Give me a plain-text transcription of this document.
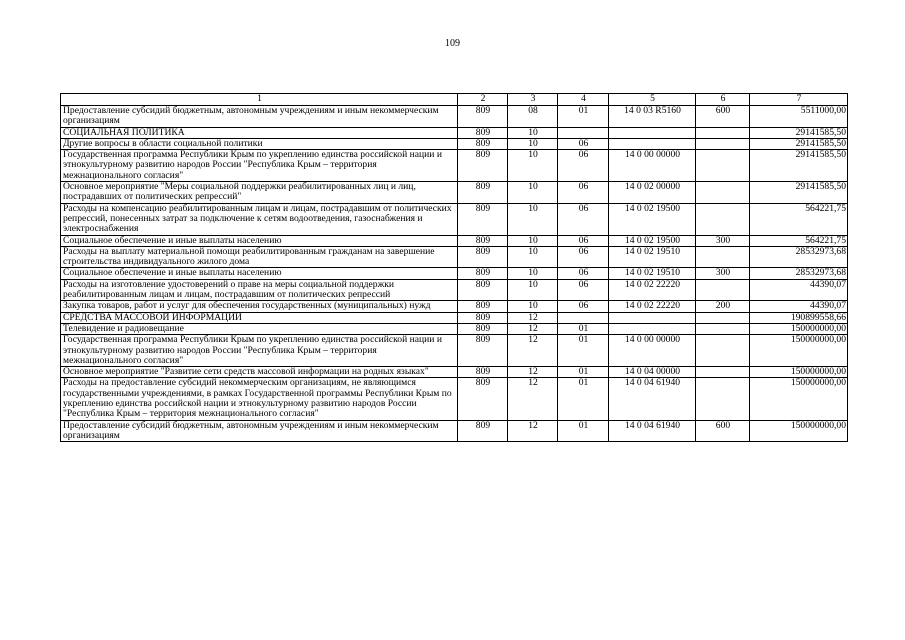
109
1	2	3	4	5	6	7
Предоставление субсидий бюджетным, автономным учреждениям и иным некоммерческим организациям	809	08	01	14 0 03 R5160	600	5511000,00
СОЦИАЛЬНАЯ ПОЛИТИКА	809	10				29141585,50
Другие вопросы в области социальной политики	809	10	06			29141585,50
Государственная программа Республики Крым по укреплению единства российской нации и этнокультурному развитию народов России "Республика Крым – территория межнационального согласия"	809	10	06	14 0 00 00000		29141585,50
Основное мероприятие "Меры социальной поддержки реабилитированных лиц и лиц, пострадавших от политических репрессий"	809	10	06	14 0 02 00000		29141585,50
Расходы на компенсацию реабилитированным лицам и лицам, пострадавшим от политических репрессий, понесенных затрат за подключение к сетям водоотведения, газоснабжения и электроснабжения	809	10	06	14 0 02 19500		564221,75
Социальное обеспечение и иные выплаты населению	809	10	06	14 0 02 19500	300	564221,75
Расходы на выплату материальной помощи реабилитированным гражданам на завершение строительства индивидуального жилого дома	809	10	06	14 0 02 19510		28532973,68
Социальное обеспечение и иные выплаты населению	809	10	06	14 0 02 19510	300	28532973,68
Расходы на изготовление удостоверений о праве на меры социальной поддержки реабилитированным лицам и лицам, пострадавшим от политических репрессий	809	10	06	14 0 02 22220		44390,07
Закупка товаров, работ и услуг для обеспечения государственных (муниципальных) нужд	809	10	06	14 0 02 22220	200	44390,07
СРЕДСТВА МАССОВОЙ ИНФОРМАЦИИ	809	12				190899558,66
Телевидение и радиовещание	809	12	01			150000000,00
Государственная программа Республики Крым по укреплению единства российской нации и этнокультурному развитию народов России "Республика Крым – территория межнационального согласия"	809	12	01	14 0 00 00000		150000000,00
Основное мероприятие "Развитие сети средств массовой информации на родных языках"	809	12	01	14 0 04 00000		150000000,00
Расходы на предоставление субсидий некоммерческим организациям, не являющимся государственными учреждениями, в рамках Государственной программы Республики Крым по укреплению единства российской нации и этнокультурному развитию народов России "Республика Крым – территория межнационального согласия"	809	12	01	14 0 04 61940		150000000,00
Предоставление субсидий бюджетным, автономным учреждениям и иным некоммерческим организациям	809	12	01	14 0 04 61940	600	150000000,00
